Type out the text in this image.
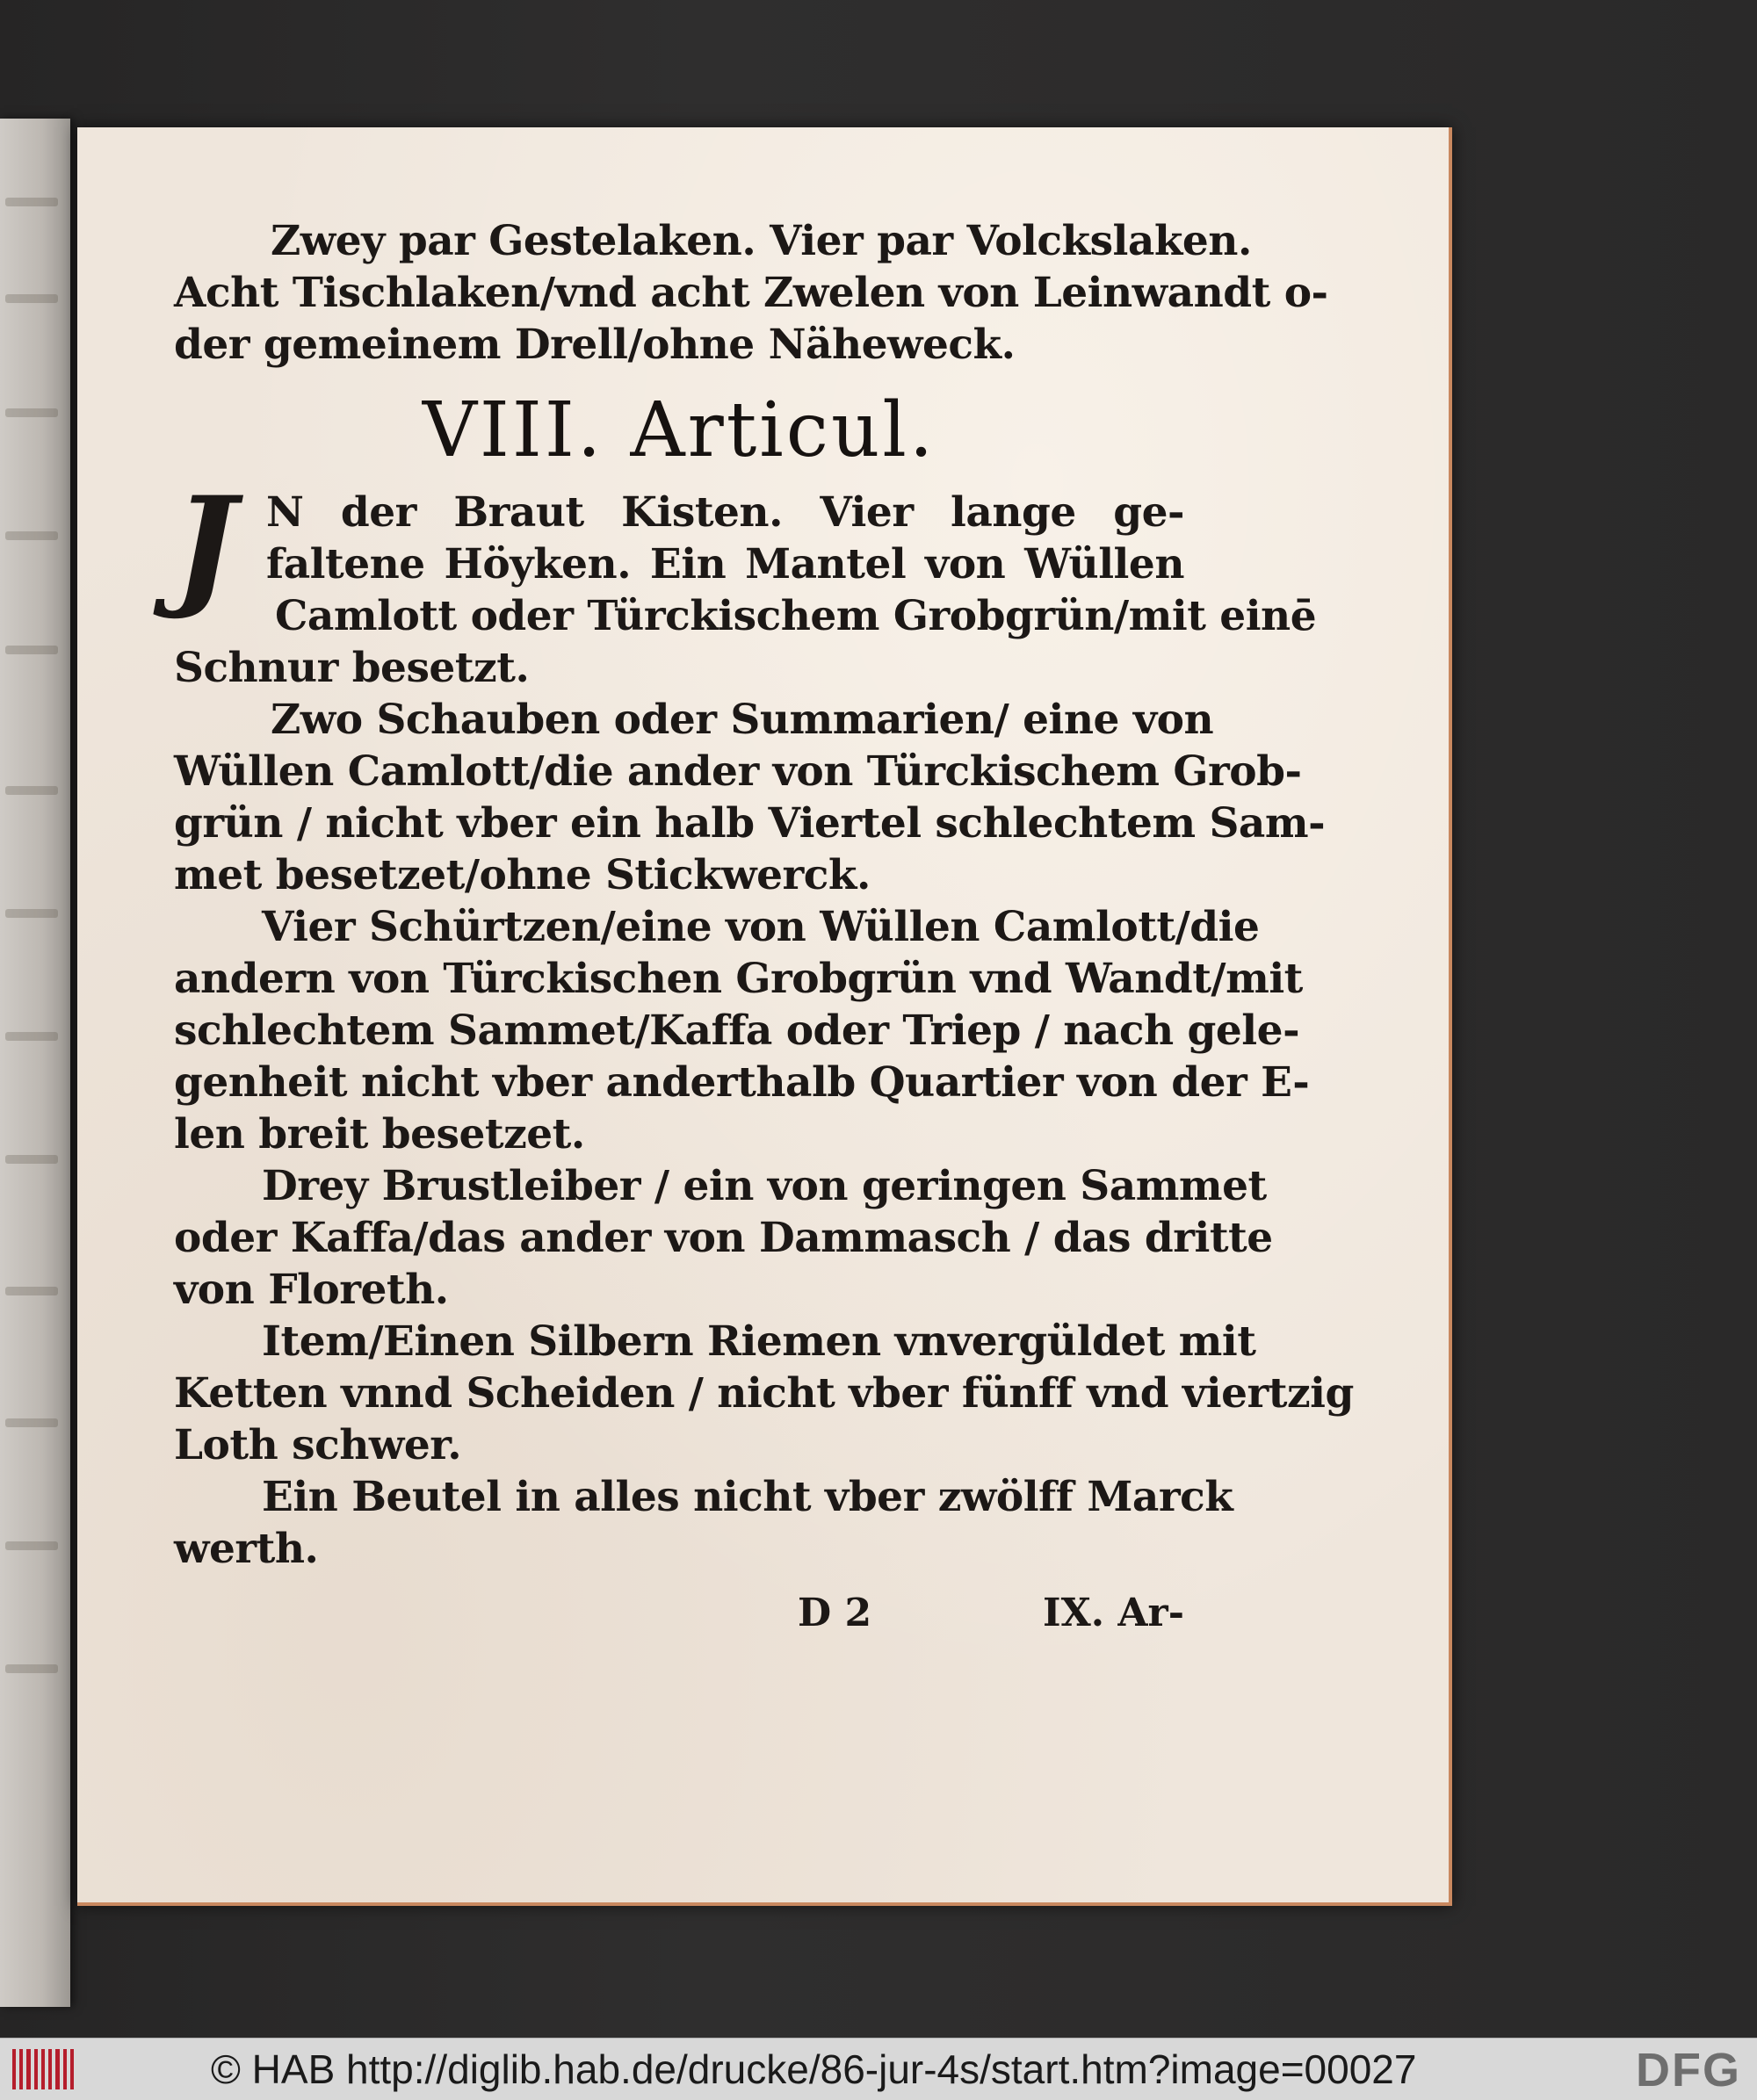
Zwey par Gestelaken. Vier par Volckslaken.
Acht Tischlaken/vnd acht Zwelen von Leinwandt o-
der gemeinem Drell/ohne Näheweck.
VIII. Articul.
J N der Braut Kisten. Vier lange ge-
faltene Höyken. Ein Mantel von Wüllen
Camlott oder Türckischem Grobgrün/mit einē
Schnur besetzt.
Zwo Schauben oder Summarien/ eine von
Wüllen Camlott/die ander von Türckischem Grob-
grün / nicht vber ein halb Viertel schlechtem Sam-
met besetzet/ohne Stickwerck.
Vier Schürtzen/eine von Wüllen Camlott/die
andern von Türckischen Grobgrün vnd Wandt/mit
schlechtem Sammet/Kaffa oder Triep / nach gele-
genheit nicht vber anderthalb Quartier von der E-
len breit besetzet.
Drey Brustleiber / ein von geringen Sammet
oder Kaffa/das ander von Dammasch / das dritte
von Floreth.
Item/Einen Silbern Riemen vnvergüldet mit
Ketten vnnd Scheiden / nicht vber fünff vnd viertzig
Loth schwer.
Ein Beutel in alles nicht vber zwölff Marck
werth.
D 2	IX. Ar-
© HAB http://diglib.hab.de/drucke/86-jur-4s/start.htm?image=00027	DFG
